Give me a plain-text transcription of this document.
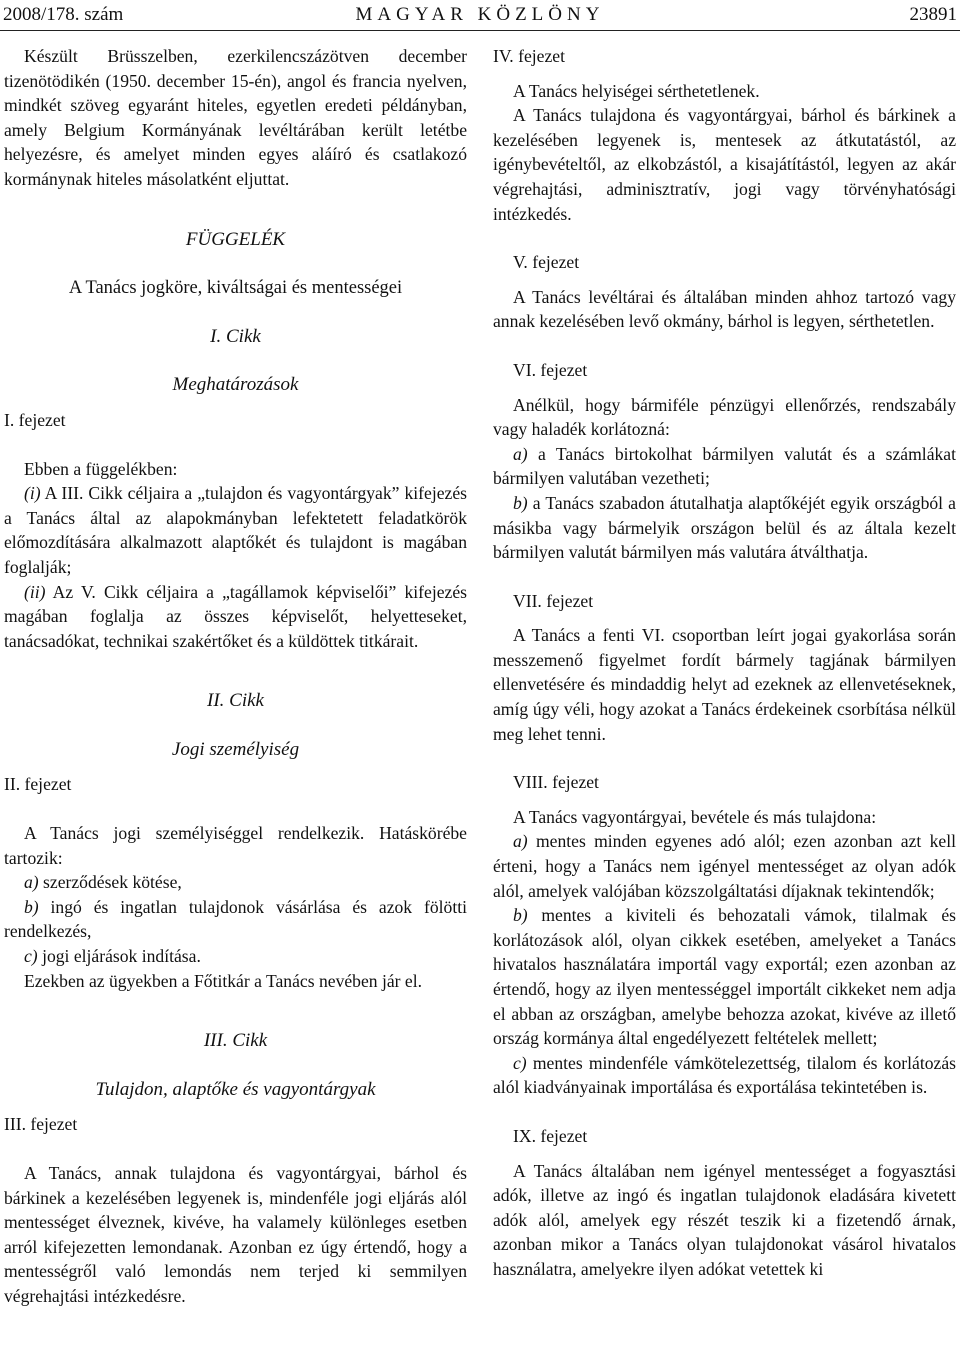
2008/178. szám	MAGYAR KÖZLÖNY	23891

Készült Brüsszelben, ezerkilencszázötven december tizenötödikén (1950. december 15-én), angol és francia nyelven, mindkét szöveg egyaránt hiteles, egyetlen eredeti példányban, amely Belgium Kormányának levéltárában került letétbe helyezésre, és amelyet minden egyes aláíró és csatlakozó kormánynak hiteles másolatként eljuttat.

FÜGGELÉK

A Tanács jogköre, kiváltságai és mentességei

I. Cikk

Meghatározások

I. fejezet

Ebben a függelékben:

(i) A III. Cikk céljaira a „tulajdon és vagyontárgyak” kifejezés a Tanács által az alapokmányban lefektetett feladatkörök előmozdítására alkalmazott alaptőkét és tulajdont is magában foglalják;

(ii) Az V. Cikk céljaira a „tagállamok képviselői” kifejezés magában foglalja az összes képviselőt, helyetteseket, tanácsadókat, technikai szakértőket és a küldöttek titkárait.

II. Cikk

Jogi személyiség

II. fejezet

A Tanács jogi személyiséggel rendelkezik. Hatáskörébe tartozik:

a) szerződések kötése,

b) ingó és ingatlan tulajdonok vásárlása és azok fölötti rendelkezés,

c) jogi eljárások indítása.

Ezekben az ügyekben a Főtitkár a Tanács nevében jár el.

III. Cikk

Tulajdon, alaptőke és vagyontárgyak

III. fejezet

A Tanács, annak tulajdona és vagyontárgyai, bárhol és bárkinek a kezelésében legyenek is, mindenféle jogi eljárás alól mentességet élveznek, kivéve, ha valamely különleges esetben arról kifejezetten lemondanak. Azonban ez úgy értendő, hogy a mentességről való lemondás nem terjed ki semmilyen végrehajtási intézkedésre.

IV. fejezet

A Tanács helyiségei sérthetetlenek.

A Tanács tulajdona és vagyontárgyai, bárhol és bárkinek a kezelésében legyenek is, mentesek az átkutatástól, az igénybevételtől, az elkobzástól, a kisajátítástól, legyen az akár végrehajtási, adminisztratív, jogi vagy törvényhatósági intézkedés.

V. fejezet

A Tanács levéltárai és általában minden ahhoz tartozó vagy annak kezelésében levő okmány, bárhol is legyen, sérthetetlen.

VI. fejezet

Anélkül, hogy bármiféle pénzügyi ellenőrzés, rendszabály vagy haladék korlátozná:

a) a Tanács birtokolhat bármilyen valutát és a számlákat bármilyen valutában vezetheti;

b) a Tanács szabadon átutalhatja alaptőkéjét egyik országból a másikba vagy bármelyik országon belül és az általa kezelt bármilyen valutát bármilyen más valutára átválthatja.

VII. fejezet

A Tanács a fenti VI. csoportban leírt jogai gyakorlása során messzemenő figyelmet fordít bármely tagjának bármilyen ellenvetésére és mindaddig helyt ad ezeknek az ellenvetéseknek, amíg úgy véli, hogy azokat a Tanács érdekeinek csorbítása nélkül meg lehet tenni.

VIII. fejezet

A Tanács vagyontárgyai, bevétele és más tulajdona:

a) mentes minden egyenes adó alól; ezen azonban azt kell érteni, hogy a Tanács nem igényel mentességet az olyan adók alól, amelyek valójában közszolgáltatási díjaknak tekintendők;

b) mentes a kiviteli és behozatali vámok, tilalmak és korlátozások alól, olyan cikkek esetében, amelyeket a Tanács hivatalos használatára importál vagy exportál; ezen azonban az értendő, hogy az ilyen mentességgel importált cikkeket nem adja el abban az országban, amelybe behozza azokat, kivéve az illető ország kormánya által engedélyezett feltételek mellett;

c) mentes mindenféle vámkötelezettség, tilalom és korlátozás alól kiadványainak importálása és exportálása tekintetében is.

IX. fejezet

A Tanács általában nem igényel mentességet a fogyasztási adók, illetve az ingó és ingatlan tulajdonok eladására kivetett adók alól, amelyek egy részét teszik ki a fizetendő árnak, azonban mikor a Tanács olyan tulajdonokat vásárol hivatalos használatra, amelyekre ilyen adókat vetettek ki
